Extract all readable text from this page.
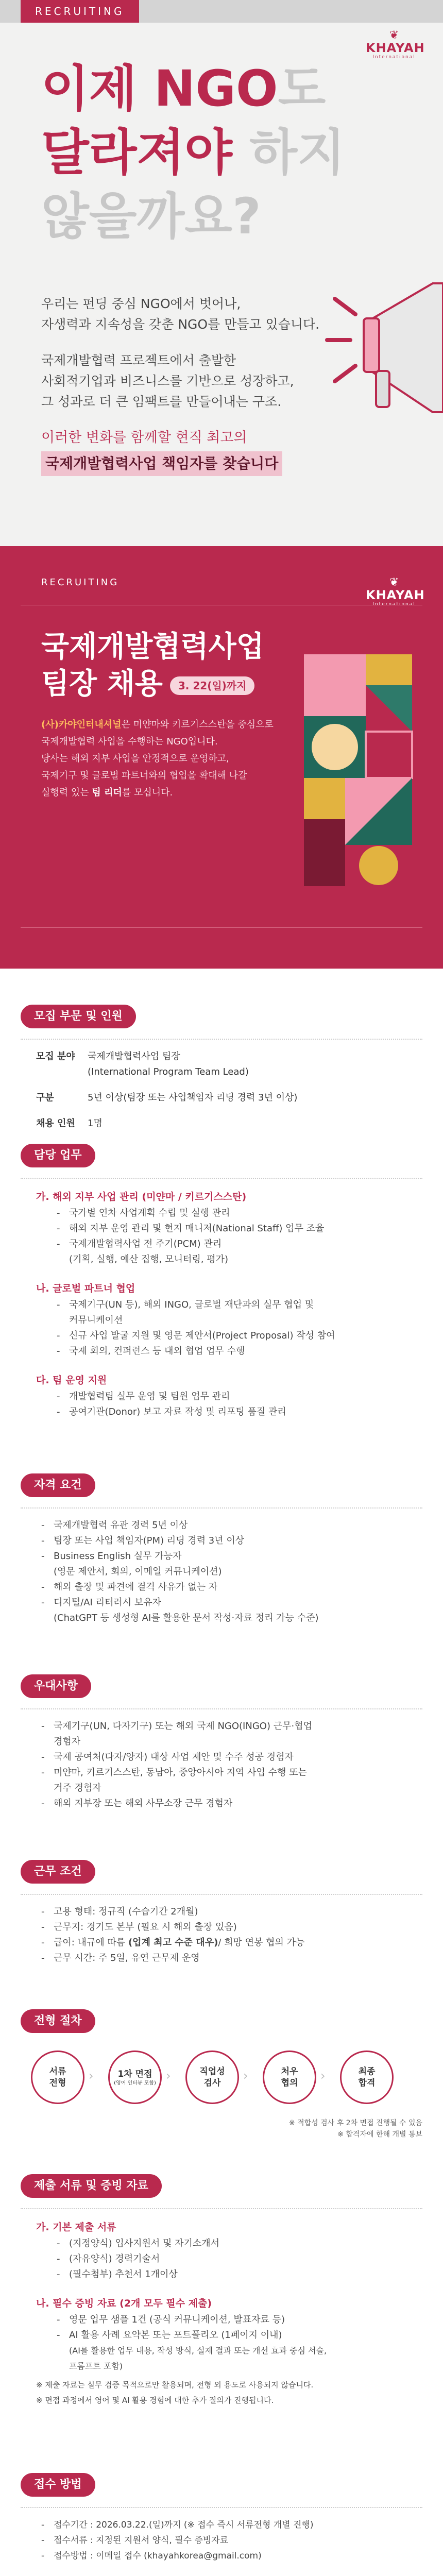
RECRUITING
❦
KHAYAH
International
이제 NGO도
달라져야 하지
않을까요?
우리는 펀딩 중심 NGO에서 벗어나,
자생력과 지속성을 갖춘 NGO를 만들고 있습니다.
국제개발협력 프로젝트에서 출발한
사회적기업과 비즈니스를 기반으로 성장하고,
그 성과로 더 큰 임팩트를 만들어내는 구조.
이러한 변화를 함께할 현직 최고의
국제개발협력사업 책임자를 찾습니다
RECRUITING	❦
KHAYAH
International
국제개발협력사업
팀장 채용 3. 22(일)까지
(사)카야인터내셔널은 미얀마와 키르기스스탄을 중심으로
국제개발협력 사업을 수행하는 NGO입니다.
당사는 해외 지부 사업을 안정적으로 운영하고,
국제기구 및 글로벌 파트너와의 협업을 확대해 나갈
실행력 있는 팀 리더를 모십니다.
모집 부문 및 인원
모집 분야	국제개발협력사업 팀장
(International Program Team Lead)
구분	5년 이상(팀장 또는 사업책임자 리딩 경력 3년 이상)
채용 인원	1명
담당 업무
가. 해외 지부 사업 관리 (미얀마 / 키르기스스탄)
- 국가별 연차 사업계획 수립 및 실행 관리
- 해외 지부 운영 관리 및 현지 매니저(National Staff) 업무 조율
- 국제개발협력사업 전 주기(PCM) 관리
(기획, 실행, 예산 집행, 모니터링, 평가)
나. 글로벌 파트너 협업
- 국제기구(UN 등), 해외 INGO, 글로벌 재단과의 실무 협업 및
커뮤니케이션
- 신규 사업 발굴 지원 및 영문 제안서(Project Proposal) 작성 참여
- 국제 회의, 컨퍼런스 등 대외 협업 업무 수행
다. 팀 운영 지원
- 개발협력팀 실무 운영 및 팀원 업무 관리
- 공여기관(Donor) 보고 자료 작성 및 리포팅 품질 관리
자격 요건
- 국제개발협력 유관 경력 5년 이상
- 팀장 또는 사업 책임자(PM) 리딩 경력 3년 이상
- Business English 실무 가능자
(영문 제안서, 회의, 이메일 커뮤니케이션)
- 해외 출장 및 파견에 결격 사유가 없는 자
- 디지털/AI 리터러시 보유자
(ChatGPT 등 생성형 AI를 활용한 문서 작성·자료 정리 가능 수준)
우대사항
- 국제기구(UN, 다자기구) 또는 해외 국제 NGO(INGO) 근무·협업
경험자
- 국제 공여처(다자/양자) 대상 사업 제안 및 수주 성공 경험자
- 미얀마, 키르기스스탄, 동남아, 중앙아시아 지역 사업 수행 또는
거주 경험자
- 해외 지부장 또는 해외 사무소장 근무 경험자
근무 조건
- 고용 형태: 정규직 (수습기간 2개월)
- 근무지: 경기도 본부 (필요 시 해외 출장 있음)
- 급여: 내규에 따름 (업계 최고 수준 대우)/ 희망 연봉 협의 가능
- 근무 시간: 주 5일, 유연 근무제 운영
전형 절차
서류
전형	›	1차 면접
(영어 인터뷰 포함) ›	직업성
검사	›	처우
협의	›	최종
합격
※ 적합성 검사 후 2차 면접 진행될 수 있음
※ 합격자에 한해 개별 통보
제출 서류 및 증빙 자료
가. 기본 제출 서류
- (지정양식) 입사지원서 및 자기소개서
- (자유양식) 경력기술서
- (필수첨부) 추천서 1개이상
나. 필수 증빙 자료 (2개 모두 필수 제출)
- 영문 업무 샘플 1건 (공식 커뮤니케이션, 발표자료 등)
- AI 활용 사례 요약본 또는 포트폴리오 (1페이지 이내)
(AI를 활용한 업무 내용, 작성 방식, 실제 결과 또는 개선 효과 중심 서술,
프롬프트 포함)
※ 제출 자료는 실무 검증 목적으로만 활용되며, 전형 외 용도로 사용되지 않습니다.
※ 면접 과정에서 영어 및 AI 활용 경험에 대한 추가 질의가 진행됩니다.
접수 방법
- 접수기간 : 2026.03.22.(일)까지 (※ 접수 즉시 서류전형 개별 진행)
- 접수서류 : 지정된 지원서 양식, 필수 증빙자료
- 접수방법 : 이메일 접수 (khayahkorea@gmail.com)
